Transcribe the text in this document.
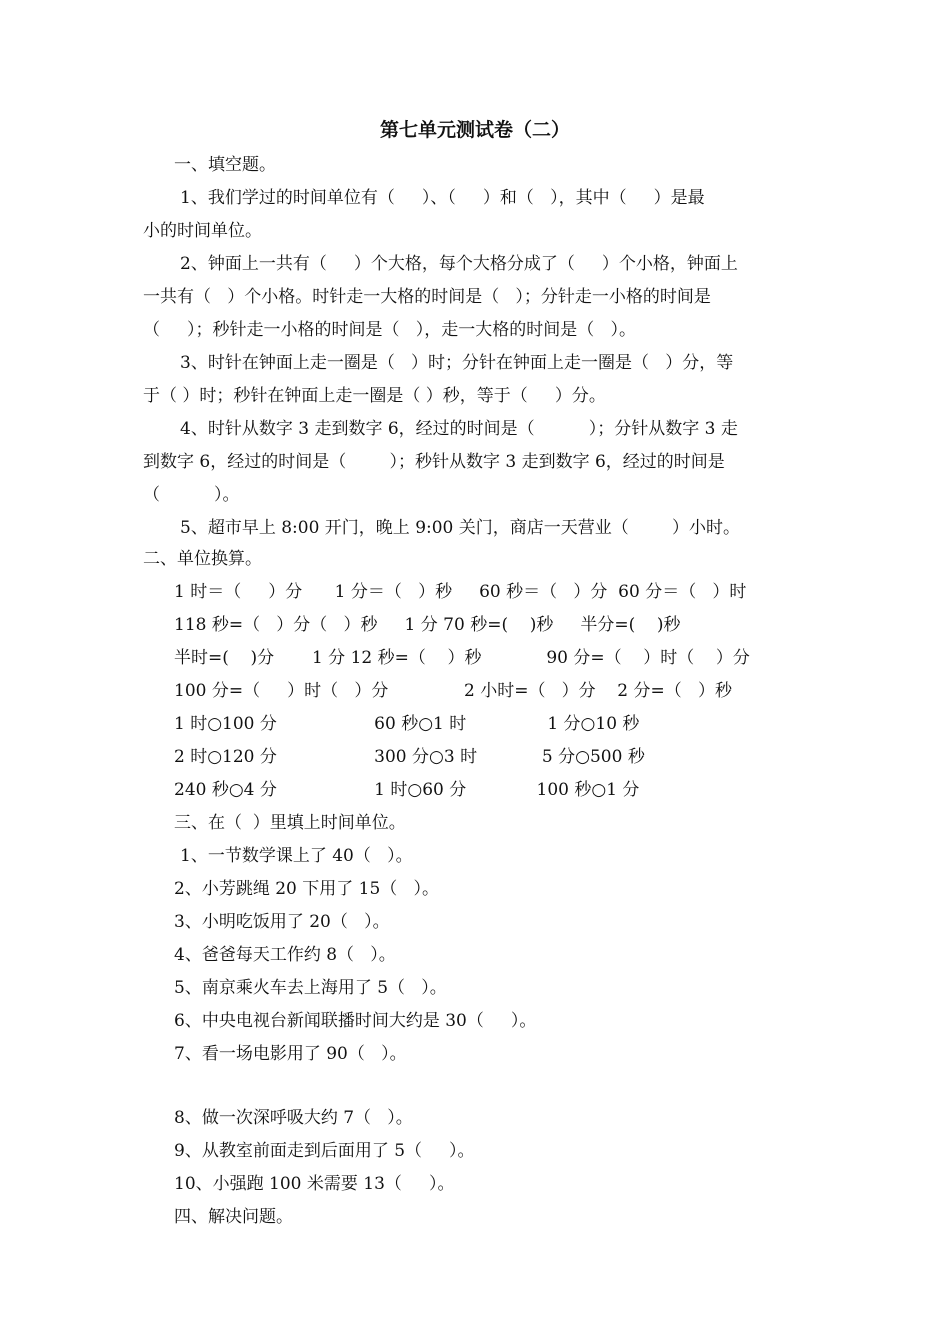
第七单元测试卷（二）
一、填空题。
1、我们学过的时间单位有（     ）、（     ）和（   ），其中（     ）是最
小的时间单位。
2、钟面上一共有（     ）个大格，每个大格分成了（     ）个小格，钟面上
一共有（   ）个小格。时针走一大格的时间是（   ）；分针走一小格的时间是
（     ）；秒针走一小格的时间是（   ），走一大格的时间是（   ）。
3、时针在钟面上走一圈是（   ）时；分针在钟面上走一圈是（   ）分，等
于（ ）时；秒针在钟面上走一圈是（ ）秒，等于（     ）分。
4、时针从数字 3 走到数字 6，经过的时间是（          ）；分针从数字 3 走
到数字 6，经过的时间是（        ）；秒针从数字 3 走到数字 6，经过的时间是
（          ）。
5、超市早上 8:00 开门，晚上 9:00 关门，商店一天营业（        ）小时。
二、单位换算。
1 时＝（     ）分      1 分＝（   ）秒     60 秒＝（   ）分  60 分＝（   ）时
118 秒=（   ）分（   ）秒     1 分 70 秒=(    )秒     半分=(    )秒
半时=(    )分       1 分 12 秒=（    ）秒            90 分=（    ）时（    ）分
100 分=（     ）时（   ）分              2 小时=（   ）分    2 分=（   ）秒
1 时○100 分                  60 秒○1 时               1 分○10 秒
2 时○120 分                  300 分○3 时            5 分○500 秒
240 秒○4 分                  1 时○60 分             100 秒○1 分
三、在（  ）里填上时间单位。
1、一节数学课上了 40（   ）。
2、小芳跳绳 20 下用了 15（   ）。
3、小明吃饭用了 20（   ）。
4、爸爸每天工作约 8（   ）。
5、南京乘火车去上海用了 5（   ）。
6、中央电视台新闻联播时间大约是 30（     ）。
7、看一场电影用了 90（   ）。
8、做一次深呼吸大约 7（   ）。
9、从教室前面走到后面用了 5（     ）。
10、小强跑 100 米需要 13（     ）。
四、解决问题。
